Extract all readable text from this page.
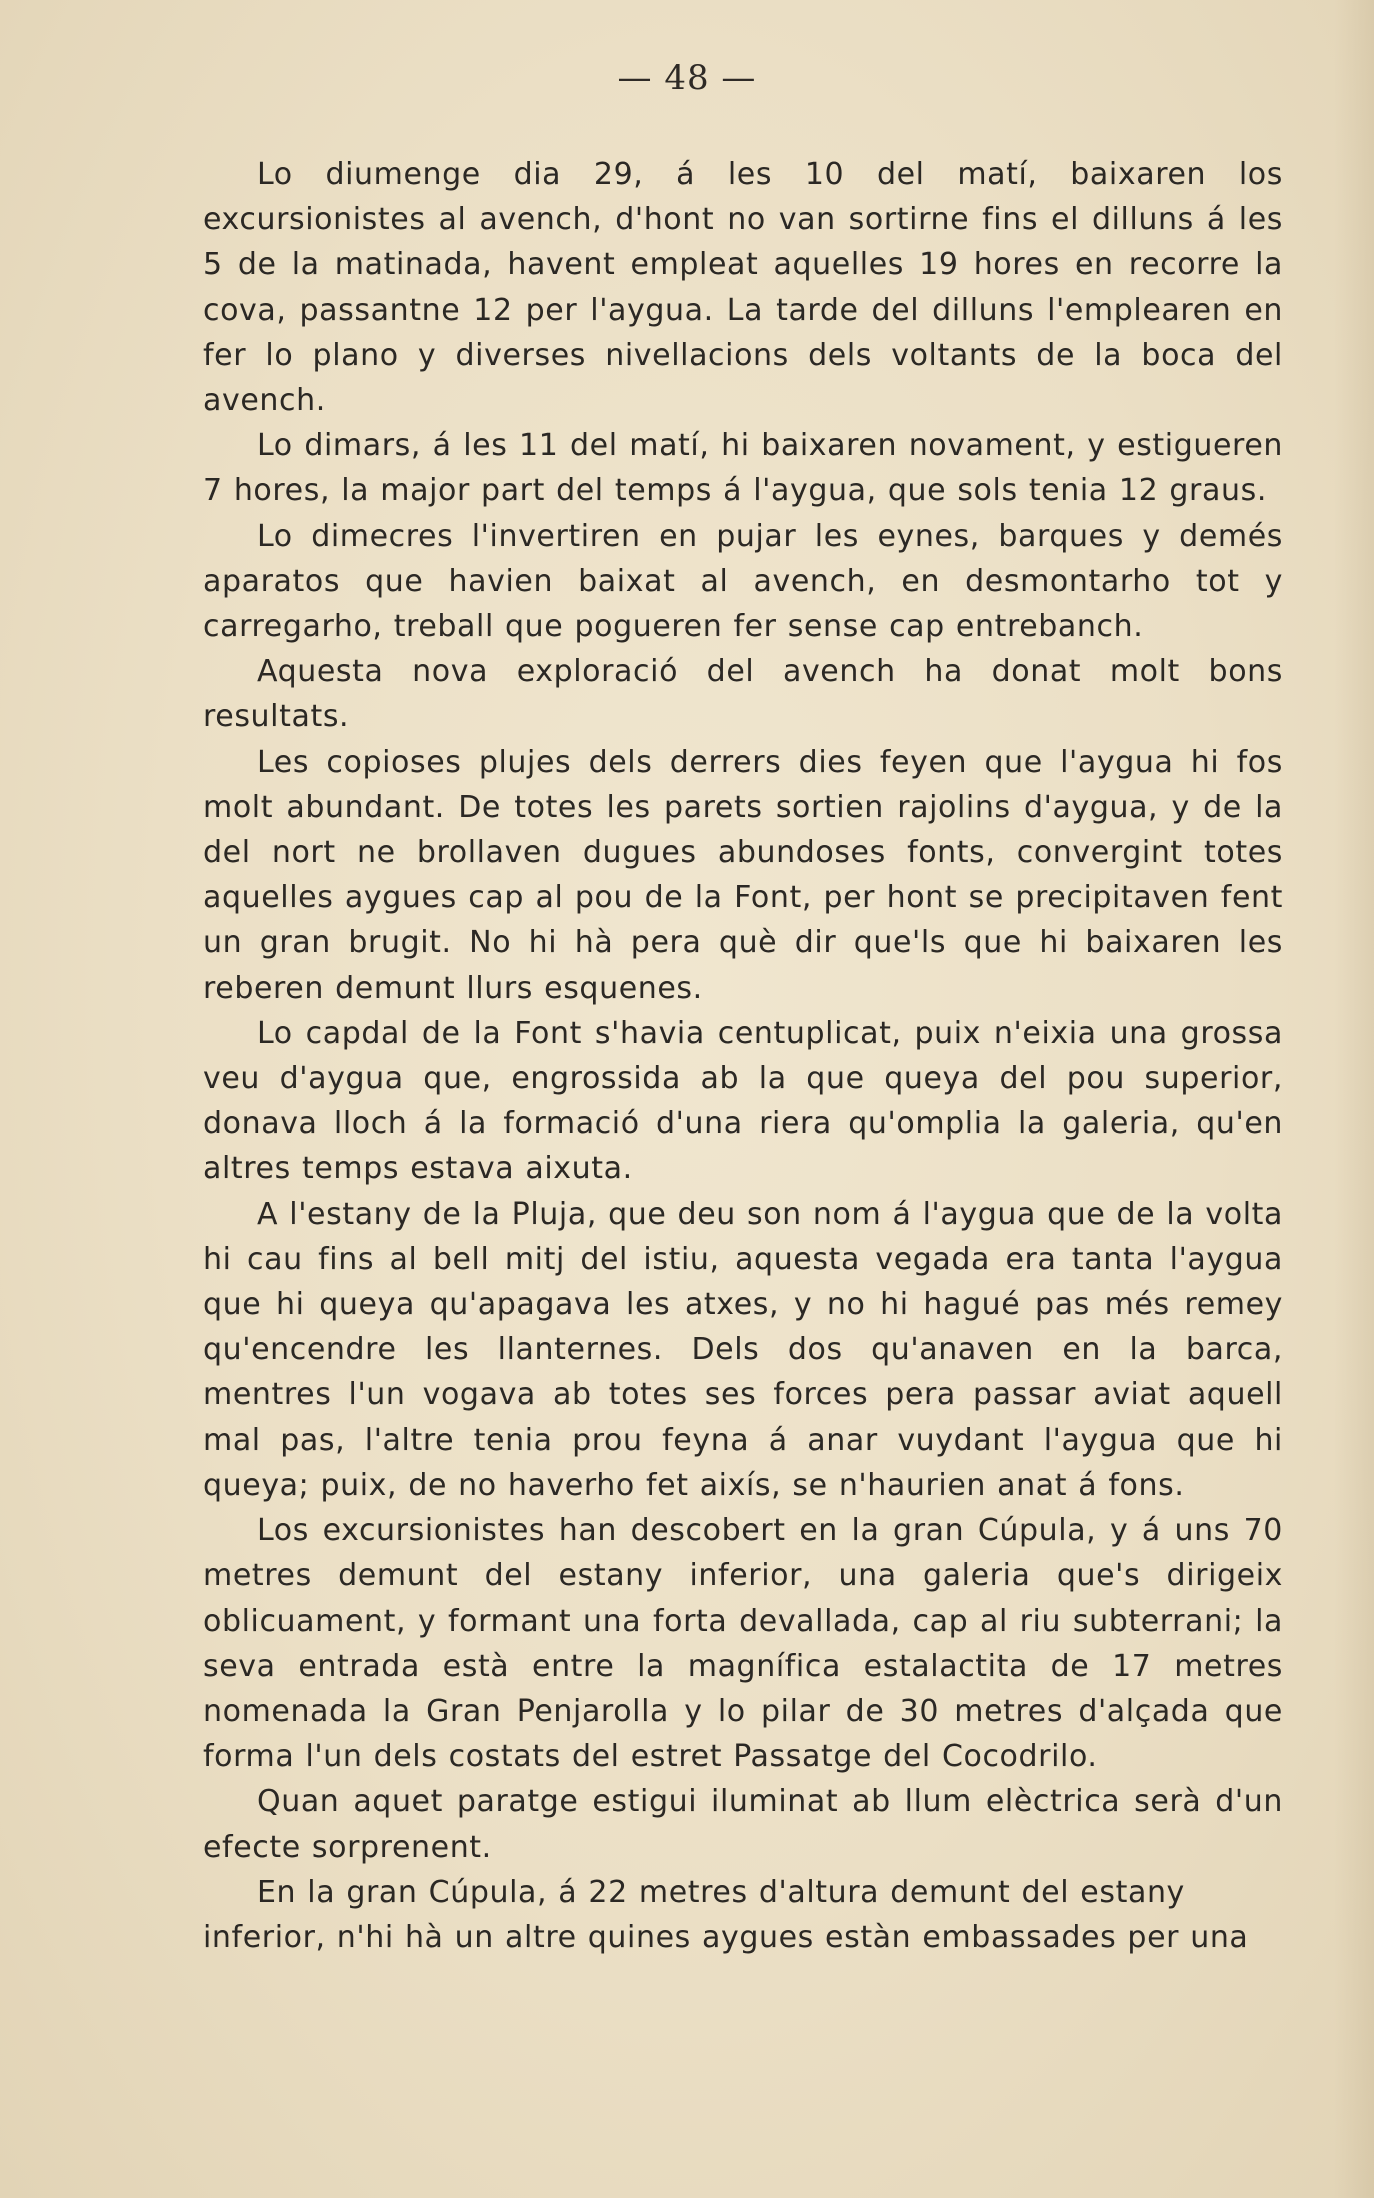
— 48 —

Lo diumenge dia 29, á les 10 del matí, baixaren los excursionistes al avench, d'hont no van sortirne fins el dilluns á les 5 de la matinada, havent empleat aquelles 19 hores en recorre la cova, passantne 12 per l'aygua. La tarde del dilluns l'emplearen en fer lo plano y diverses nivellacions dels voltants de la boca del avench.

Lo dimars, á les 11 del matí, hi baixaren novament, y estigueren 7 hores, la major part del temps á l'aygua, que sols tenia 12 graus.

Lo dimecres l'invertiren en pujar les eynes, barques y demés aparatos que havien baixat al avench, en desmontarho tot y carregarho, treball que pogueren fer sense cap entrebanch.

Aquesta nova exploració del avench ha donat molt bons resultats.

Les copioses plujes dels derrers dies feyen que l'aygua hi fos molt abundant. De totes les parets sortien rajolins d'aygua, y de la del nort ne brollaven dugues abundoses fonts, convergint totes aquelles aygues cap al pou de la Font, per hont se precipitaven fent un gran brugit. No hi hà pera què dir que'ls que hi baixaren les reberen demunt llurs esquenes.

Lo capdal de la Font s'havia centuplicat, puix n'eixia una grossa veu d'aygua que, engrossida ab la que queya del pou superior, donava lloch á la formació d'una riera qu'omplia la galeria, qu'en altres temps estava aixuta.

A l'estany de la Pluja, que deu son nom á l'aygua que de la volta hi cau fins al bell mitj del istiu, aquesta vegada era tanta l'aygua que hi queya qu'apagava les atxes, y no hi hagué pas més remey qu'encendre les llanternes. Dels dos qu'anaven en la barca, mentres l'un vogava ab totes ses forces pera passar aviat aquell mal pas, l'altre tenia prou feyna á anar vuydant l'aygua que hi queya; puix, de no haverho fet aixís, se n'haurien anat á fons.

Los excursionistes han descobert en la gran Cúpula, y á uns 70 metres demunt del estany inferior, una galeria que's dirigeix oblicuament, y formant una forta devallada, cap al riu subterrani; la seva entrada està entre la magnífica estalactita de 17 metres nomenada la Gran Penjarolla y lo pilar de 30 metres d'alçada que forma l'un dels costats del estret Passatge del Cocodrilo.

Quan aquet paratge estigui iluminat ab llum elèctrica serà d'un efecte sorprenent.

En la gran Cúpula, á 22 metres d'altura demunt del estany inferior, n'hi hà un altre quines aygues estàn embassades per una
